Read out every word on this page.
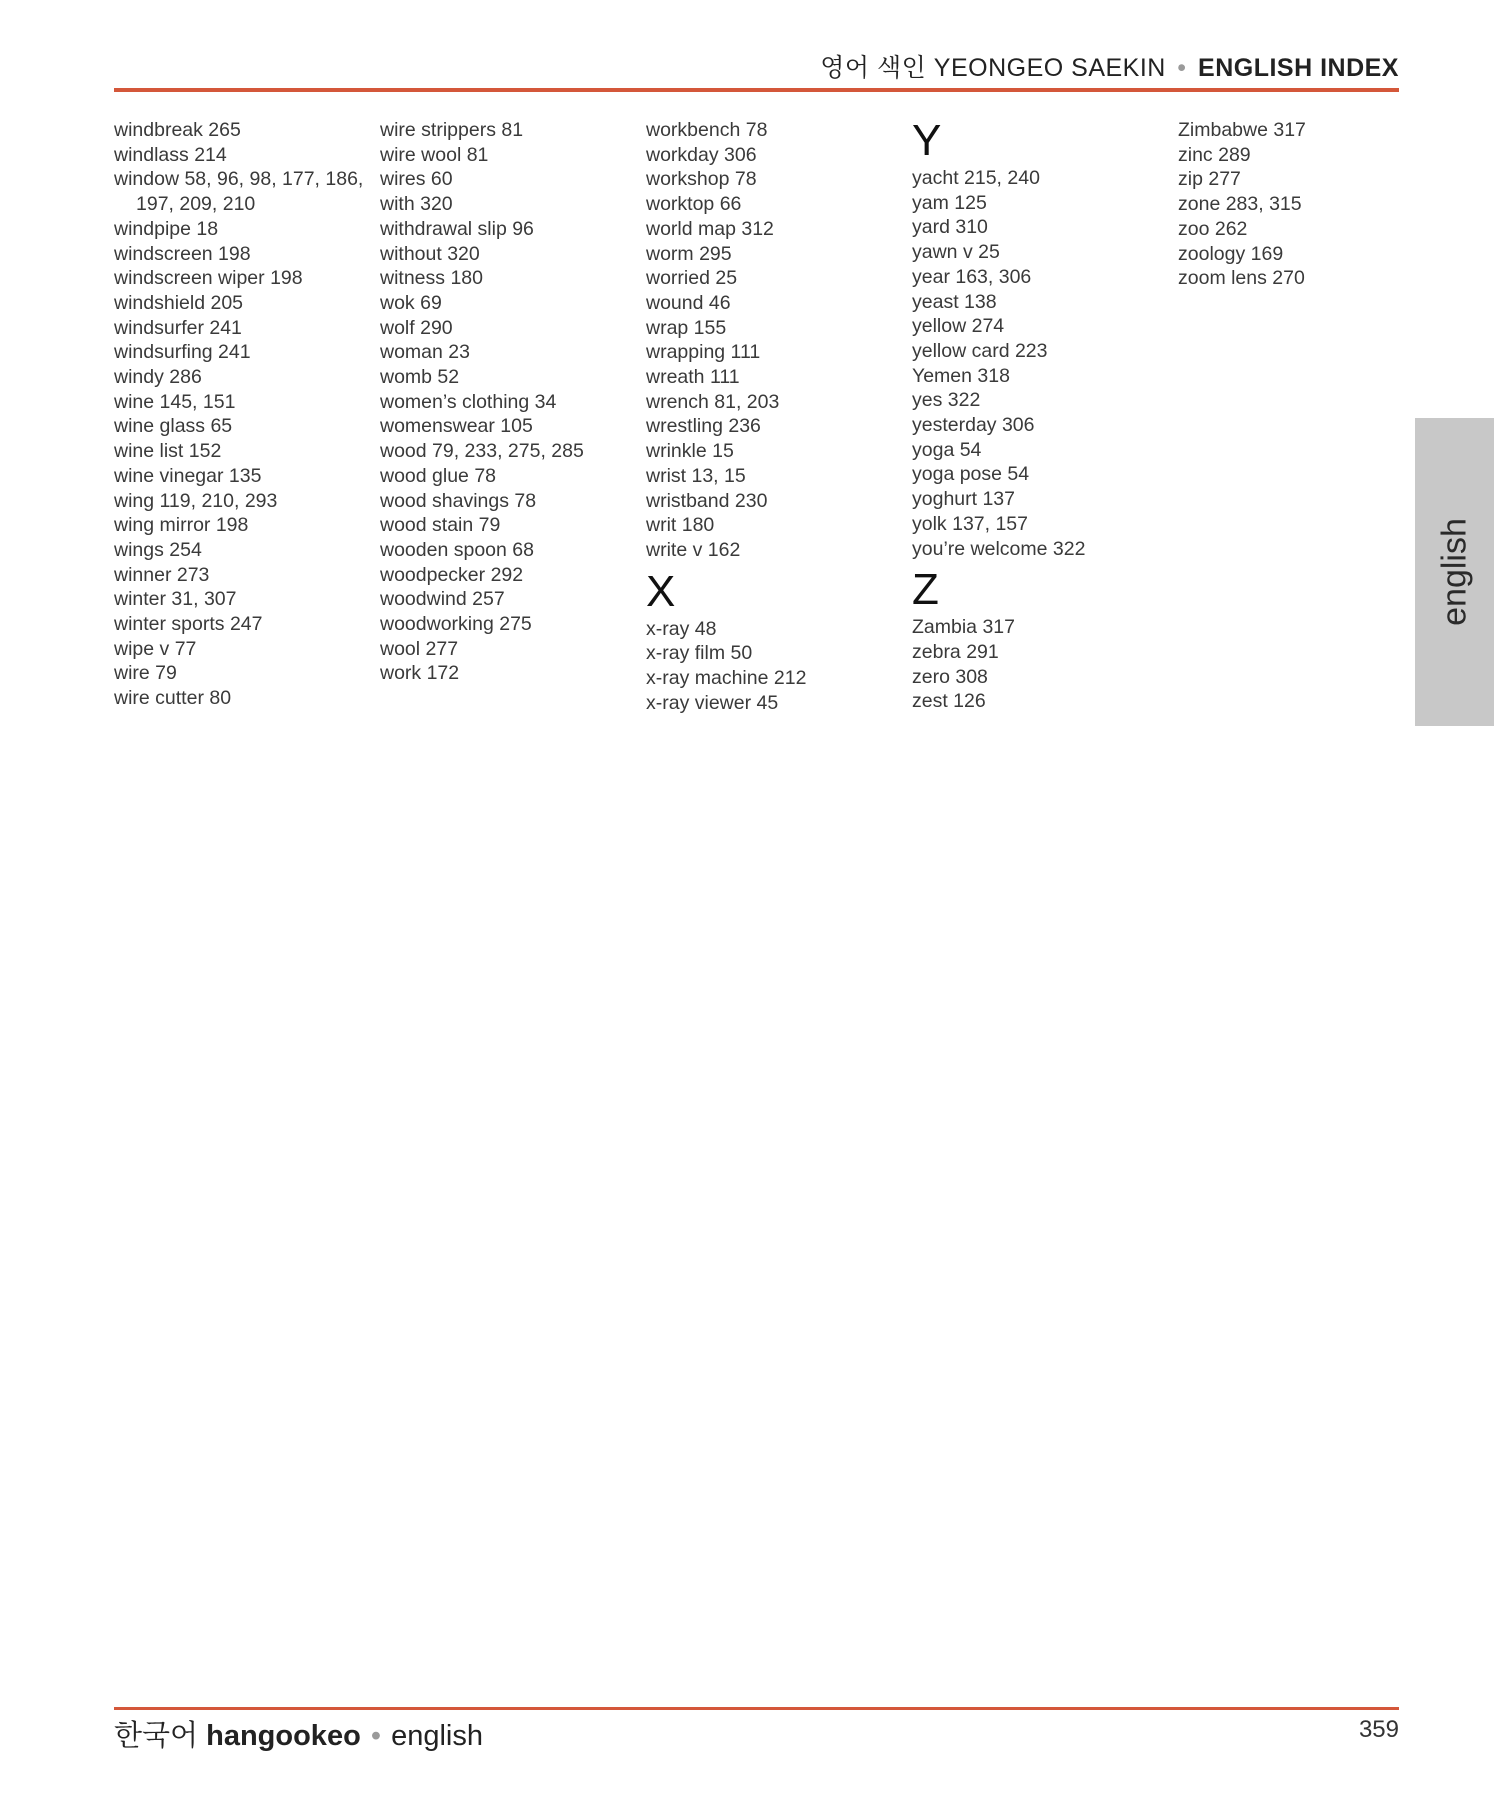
영어 색인 YEONGEO SAEKIN • ENGLISH INDEX
windbreak 265
windlass 214
window 58, 96, 98, 177, 186, 197, 209, 210
windpipe 18
windscreen 198
windscreen wiper 198
windshield 205
windsurfer 241
windsurfing 241
windy 286
wine 145, 151
wine glass 65
wine list 152
wine vinegar 135
wing 119, 210, 293
wing mirror 198
wings 254
winner 273
winter 31, 307
winter sports 247
wipe v 77
wire 79
wire cutter 80
wire strippers 81
wire wool 81
wires 60
with 320
withdrawal slip 96
without 320
witness 180
wok 69
wolf 290
woman 23
womb 52
women’s clothing 34
womenswear 105
wood 79, 233, 275, 285
wood glue 78
wood shavings 78
wood stain 79
wooden spoon 68
woodpecker 292
woodwind 257
woodworking 275
wool 277
work 172
workbench 78
workday 306
workshop 78
worktop 66
world map 312
worm 295
worried 25
wound 46
wrap 155
wrapping 111
wreath 111
wrench 81, 203
wrestling 236
wrinkle 15
wrist 13, 15
wristband 230
writ 180
write v 162
X
x-ray 48
x-ray film 50
x-ray machine 212
x-ray viewer 45
Y
yacht 215, 240
yam 125
yard 310
yawn v 25
year 163, 306
yeast 138
yellow 274
yellow card 223
Yemen 318
yes 322
yesterday 306
yoga 54
yoga pose 54
yoghurt 137
yolk 137, 157
you’re welcome 322
Z
Zambia 317
zebra 291
zero 308
zest 126
Zimbabwe 317
zinc 289
zip 277
zone 283, 315
zoo 262
zoology 169
zoom lens 270
english
한국어 hangookeo • english	359
